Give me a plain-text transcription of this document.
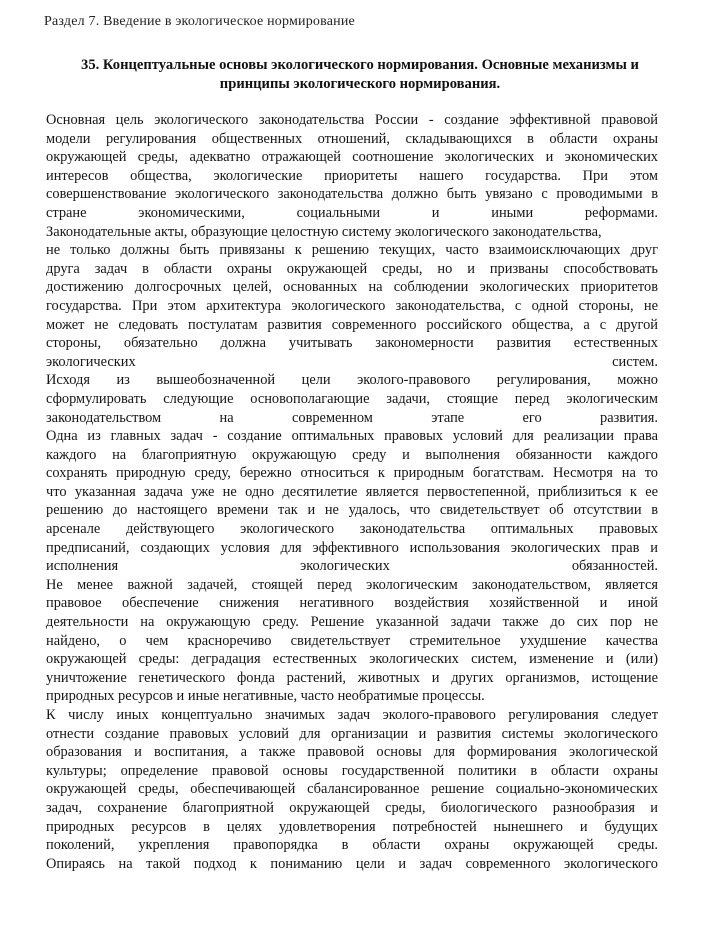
Раздел 7. Введение в экологическое нормирование
35. Концептуальные основы экологического нормирования. Основные механизмы и
принципы экологического нормирования.
Основная цель экологического законодательства России - создание эффективной правовой
модели регулирования общественных отношений, складывающихся в области охраны
окружающей среды, адекватно отражающей соотношение экологических и экономических
интересов общества, экологические приоритеты нашего государства. При этом
совершенствование экологического законодательства должно быть увязано с проводимыми в
стране экономическими, социальными и иными реформами.
Законодательные акты, образующие целостную систему экологического законодательства,
не только должны быть привязаны к решению текущих, часто взаимоисключающих друг
друга задач в области охраны окружающей среды, но и призваны способствовать
достижению долгосрочных целей, основанных на соблюдении экологических приоритетов
государства. При этом архитектура экологического законодательства, с одной стороны, не
может не следовать постулатам развития современного российского общества, а с другой
стороны, обязательно должна учитывать закономерности развития естественных
экологических систем.
Исходя из вышеобозначенной цели эколого-правового регулирования, можно
сформулировать следующие основополагающие задачи, стоящие перед экологическим
законодательством на современном этапе его развития.
Одна из главных задач - создание оптимальных правовых условий для реализации права
каждого на благоприятную окружающую среду и выполнения обязанности каждого
сохранять природную среду, бережно относиться к природным богатствам. Несмотря на то
что указанная задача уже не одно десятилетие является первостепенной, приблизиться к ее
решению до настоящего времени так и не удалось, что свидетельствует об отсутствии в
арсенале действующего экологического законодательства оптимальных правовых
предписаний, создающих условия для эффективного использования экологических прав и
исполнения экологических обязанностей.
Не менее важной задачей, стоящей перед экологическим законодательством, является
правовое обеспечение снижения негативного воздействия хозяйственной и иной
деятельности на окружающую среду. Решение указанной задачи также до сих пор не
найдено, о чем красноречиво свидетельствует стремительное ухудшение качества
окружающей среды: деградация естественных экологических систем, изменение и (или)
уничтожение генетического фонда растений, животных и других организмов, истощение
природных ресурсов и иные негативные, часто необратимые процессы.
К числу иных концептуально значимых задач эколого-правового регулирования следует
отнести создание правовых условий для организации и развития системы экологического
образования и воспитания, а также правовой основы для формирования экологической
культуры; определение правовой основы государственной политики в области охраны
окружающей среды, обеспечивающей сбалансированное решение социально-экономических
задач, сохранение благоприятной окружающей среды, биологического разнообразия и
природных ресурсов в целях удовлетворения потребностей нынешнего и будущих
поколений, укрепления правопорядка в области охраны окружающей среды.
Опираясь на такой подход к пониманию цели и задач современного экологического
